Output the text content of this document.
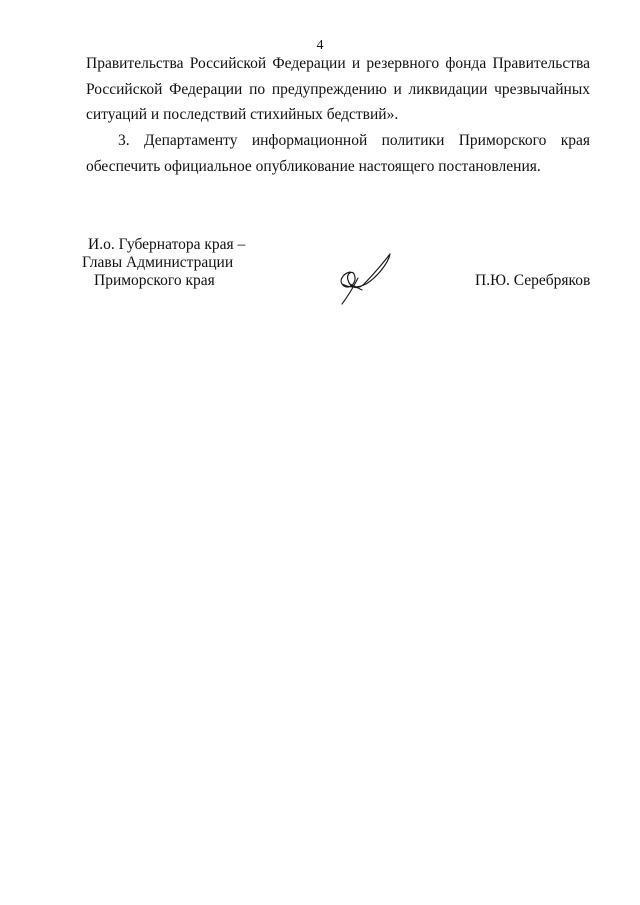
4
Правительства Российской Федерации и резервного фонда Правительства
Российской Федерации по предупреждению и ликвидации чрезвычайных
ситуаций и последствий стихийных бедствий».
3. Департаменту информационной политики Приморского края
обеспечить официальное опубликование настоящего постановления.
И.о. Губернатора края –
Главы Администрации
Приморского края	П.Ю. Серебряков
